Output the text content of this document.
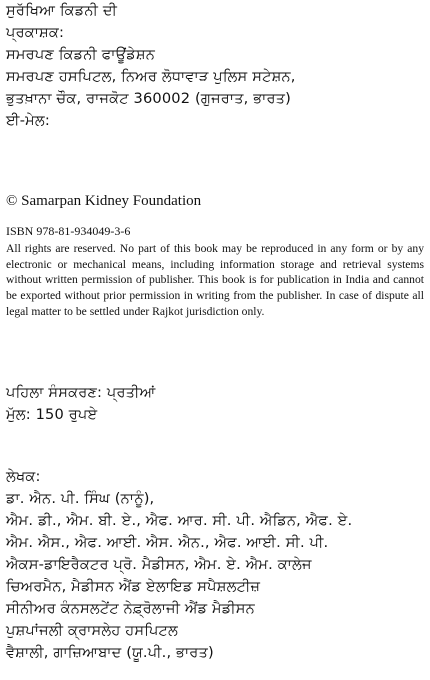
ਸੁਰੱਖਿਆ ਕਿਡਨੀ ਦੀ
ਪ੍ਰਕਾਸ਼ਕ:
ਸਮਰਪਣ ਕਿਡਨੀ ਫਾਊਂਡੇਸ਼ਨ
ਸਮਰਪਣ ਹਸਪਿਟਲ, ਨਿਅਰ ਲੋਧਾਵਾੜ ਪੁਲਿਸ ਸਟੇਸ਼ਨ,
ਭੁਤਖ਼ਾਨਾ ਚੌਕ, ਰਾਜਕੋਟ 360002 (ਗੁਜਰਾਤ, ਭਾਰਤ)
ਈ-ਮੇਲ:
© Samarpan Kidney Foundation
ISBN 978-81-934049-3-6
All rights are reserved. No part of this book may be reproduced in any form or by any electronic or mechanical means, including information storage and retrieval systems without written permission of publisher. This book is for publication in India and cannot be exported without prior permission in writing from the publisher. In case of dispute all legal matter to be settled under Rajkot jurisdiction only.
ਪਹਿਲਾ ਸੰਸਕਰਣ: ਪ੍ਰਤੀਆਂ
ਮੁੱਲ: 150 ਰੁਪਏ
ਲੇਖਕ:
ਡਾ. ਐਨ. ਪੀ. ਸਿੰਘ (ਨਾਨੂੰ),
ਐਮ. ਡੀ., ਐਮ. ਬੀ. ਏ., ਐਫ. ਆਰ. ਸੀ. ਪੀ. ਐਡਿਨ, ਐਫ. ਏ.
ਐਮ. ਐਸ., ਐਫ. ਆਈ. ਐਸ. ਐਨ., ਐਫ. ਆਈ. ਸੀ. ਪੀ.
ਐਕਸ-ਡਾਇਰੈਕਟਰ ਪ੍ਰੋ. ਮੈਡੀਸਨ, ਐਮ. ਏ. ਐਮ. ਕਾਲੇਜ
ਚਿਅਰਮੈਨ, ਮੈਡੀਸਨ ਐਂਡ ਏਲਾਇਡ ਸਪੈਸ਼ਲਟੀਜ਼
ਸੀਨੀਅਰ ਕੰਨਸਲਟੇਂਟ ਨੇਫ਼੍ਰੋਲਾਜੀ ਐਂਡ ਮੈਡੀਸਨ
ਪੁਸ਼ਪਾਂਜਲੀ ਕ੍ਰਾਸਲੇਹ ਹਸਪਿਟਲ
ਵੈਸ਼ਾਲੀ, ਗਾਜ਼ਿਆਬਾਦ (ਯੂ.ਪੀ., ਭਾਰਤ)
